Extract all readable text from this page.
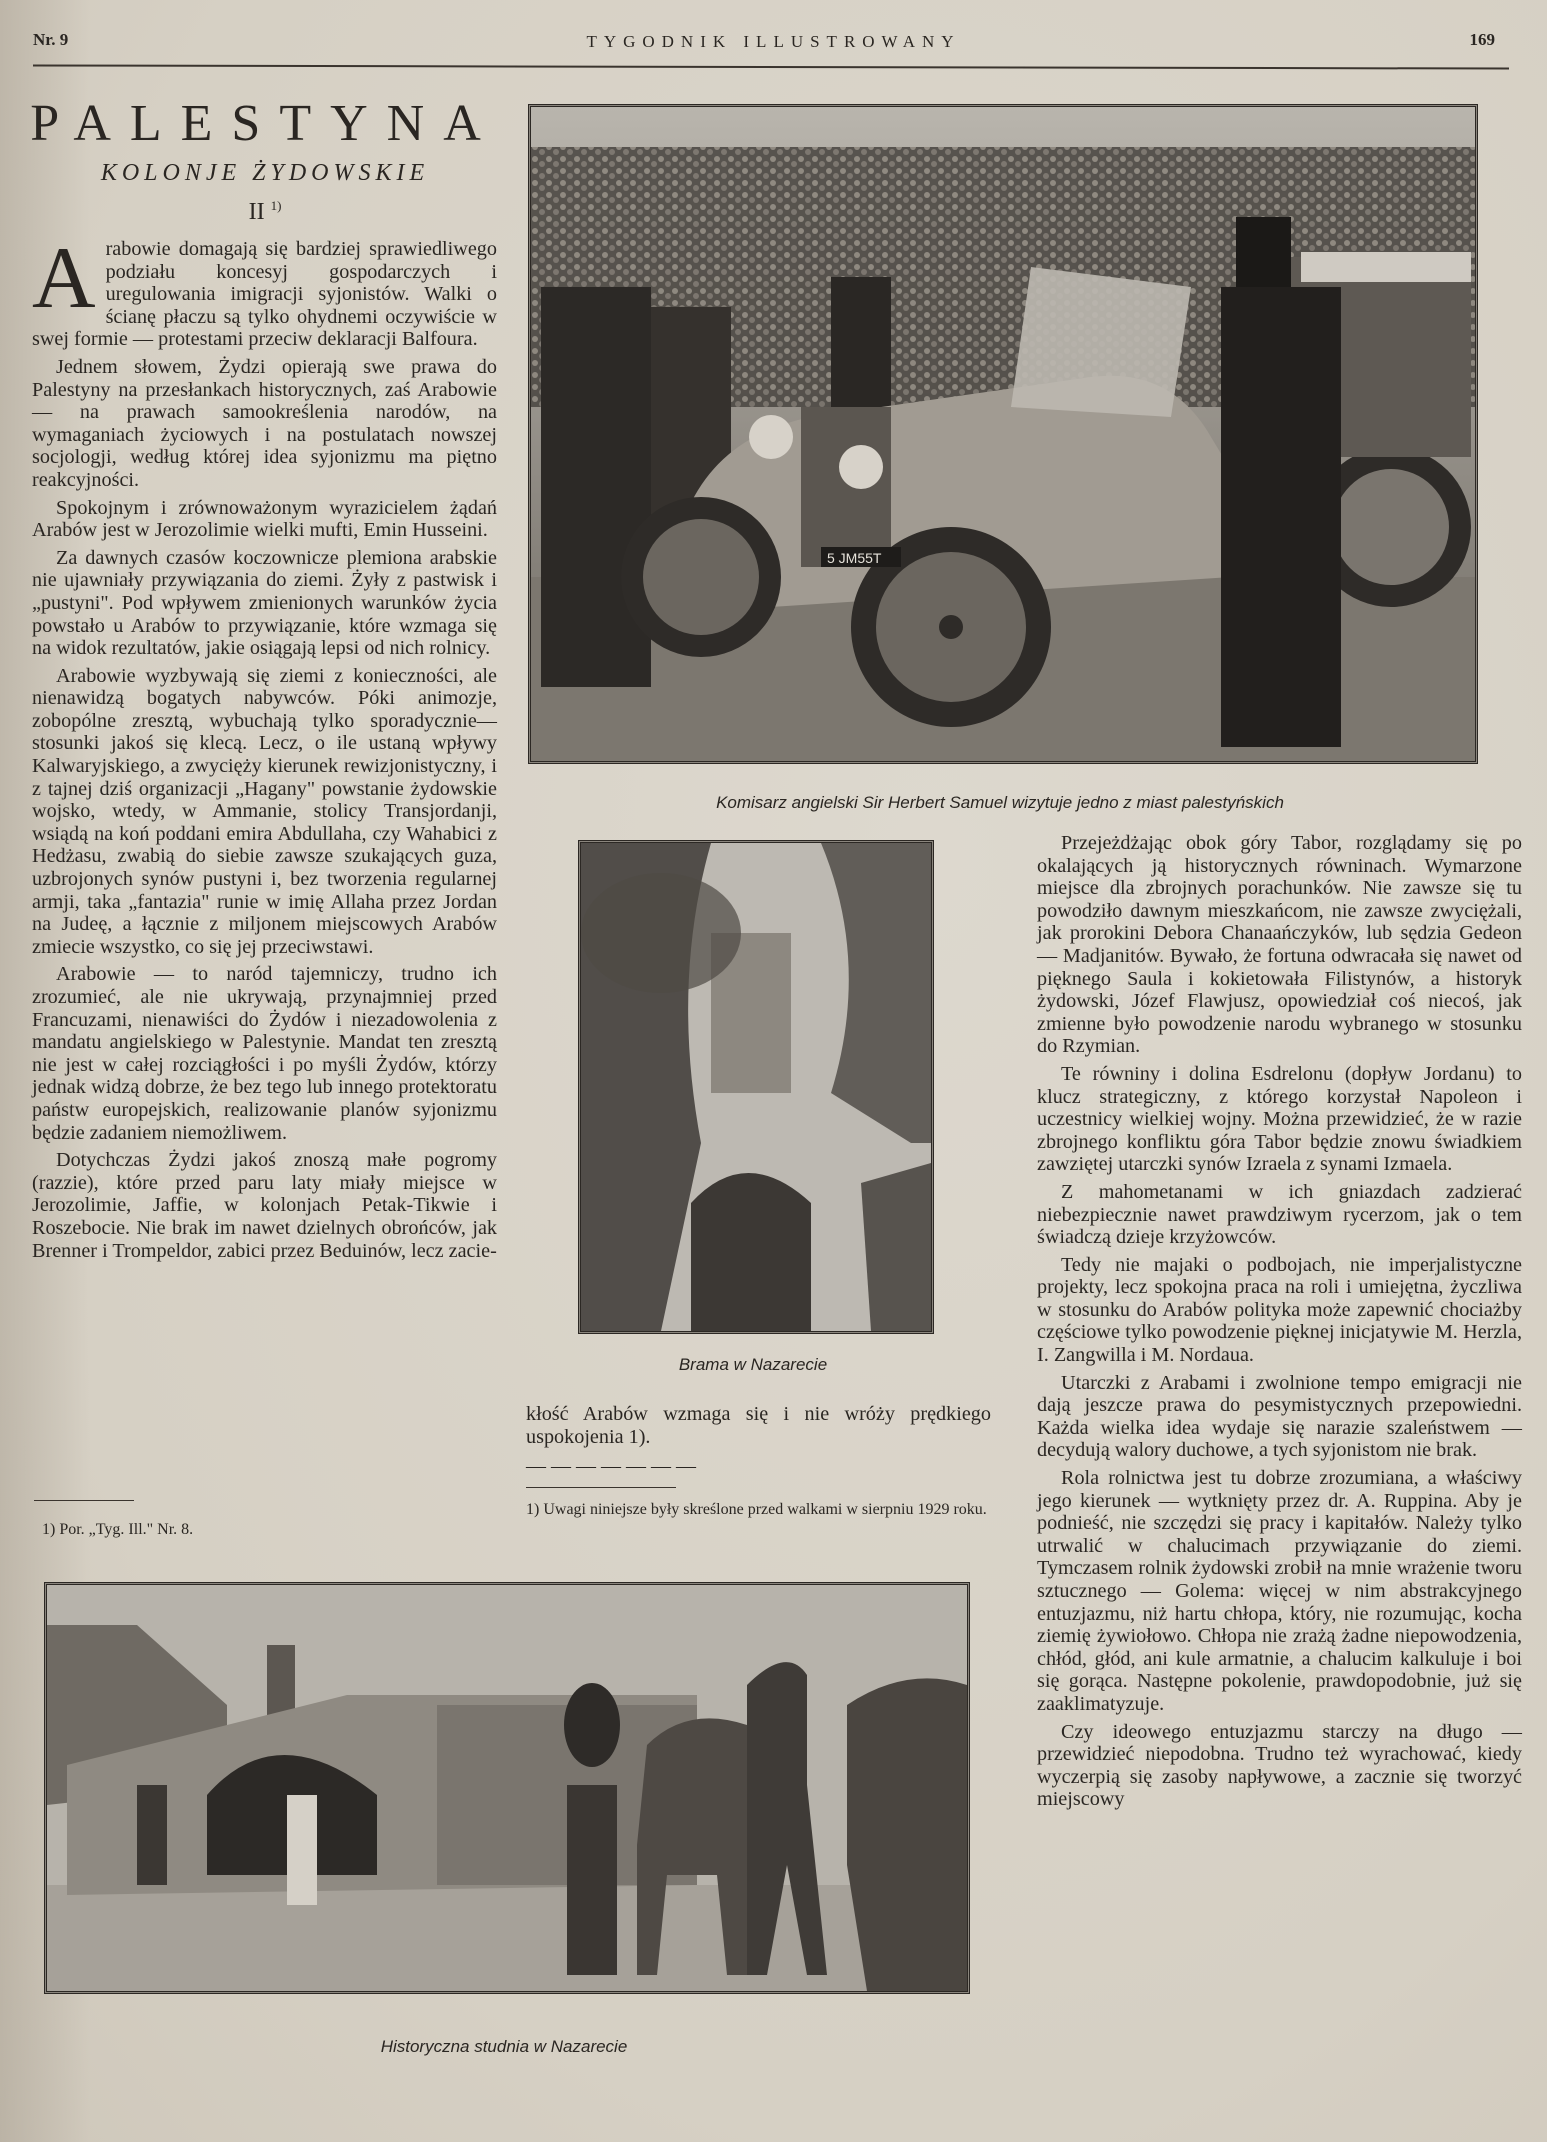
Nr. 9	TYGODNIK ILLUSTROWANY	169
PALESTYNA
KOLONJE ŻYDOWSKIE
II $^{1)}$

Arabowie domagają się bardziej sprawiedliwego podziału koncesyj gospodarczych i uregulowania imigracji syjonistów. Walki o ścianę płaczu są tylko ohydnemi oczywiście w swej formie — protestami przeciw deklaracji Balfoura.

Jednem słowem, Żydzi opierają swe prawa do Palestyny na przesłankach historycznych, zaś Arabowie — na prawach samookreślenia narodów, na wymaganiach życiowych i na postulatach nowszej socjologji, według której idea syjonizmu ma piętno reakcyjności.

Spokojnym i zrównoważonym wyrazicielem żądań Arabów jest w Jerozolimie wielki mufti, Emin Husseini.

Za dawnych czasów koczownicze plemiona arabskie nie ujawniały przywiązania do ziemi. Żyły z pastwisk i „pustyni". Pod wpływem zmienionych warunków życia powstało u Arabów to przywiązanie, które wzmaga się na widok rezultatów, jakie osiągają lepsi od nich rolnicy.

Arabowie wyzbywają się ziemi z konieczności, ale nienawidzą bogatych nabywców. Póki animozje, zobopólne zresztą, wybuchają tylko sporadycznie—stosunki jakoś się klecą. Lecz, o ile ustaną wpływy Kalwaryjskiego, a zwycięży kierunek rewizjonistyczny, i z tajnej dziś organizacji „Hagany" powstanie żydowskie wojsko, wtedy, w Ammanie, stolicy Transjordanji, wsiądą na koń poddani emira Abdullaha, czy Wahabici z Hedżasu, zwabią do siebie zawsze szukających guza, uzbrojonych synów pustyni i, bez tworzenia regularnej armji, taka „fantazia" runie w imię Allaha przez Jordan na Judeę, a łącznie z miljonem miejscowych Arabów zmiecie wszystko, co się jej przeciwstawi.

Arabowie — to naród tajemniczy, trudno ich zrozumieć, ale nie ukrywają, przynajmniej przed Francuzami, nienawiści do Żydów i niezadowolenia z mandatu angielskiego w Palestynie. Mandat ten zresztą nie jest w całej rozciągłości i po myśli Żydów, którzy jednak widzą dobrze, że bez tego lub innego protektoratu państw europejskich, realizowanie planów syjonizmu będzie zadaniem niemożliwem.

Dotychczas Żydzi jakoś znoszą małe pogromy (razzie), które przed paru laty miały miejsce w Jerozolimie, Jaffie, w kolonjach Petak-Tikwie i Roszebocie. Nie brak im nawet dzielnych obrońców, jak Brenner i Trompeldor, zabici przez Beduinów, lecz zacie-

1) Por. „Tyg. Ill." Nr. 8.
5 JM55T
Komisarz angielski Sir Herbert Samuel wizytuje jedno z miast palestyńskich
Brama w Nazarecie

kłość Arabów wzmaga się i nie wróży prędkiego uspokojenia 1).

— — — — — — —
1) Uwagi niniejsze były skreślone przed walkami w sierpniu 1929 roku.

Przejeżdżając obok góry Tabor, rozglądamy się po okalających ją historycznych równinach. Wymarzone miejsce dla zbrojnych porachunków. Nie zawsze się tu powodziło dawnym mieszkańcom, nie zawsze zwyciężali, jak prorokini Debora Chanaańczyków, lub sędzia Gedeon — Madjanitów. Bywało, że fortuna odwracała się nawet od pięknego Saula i kokietowała Filistynów, a historyk żydowski, Józef Flawjusz, opowiedział coś niecoś, jak zmienne było powodzenie narodu wybranego w stosunku do Rzymian.

Te równiny i dolina Esdrelonu (dopływ Jordanu) to klucz strategiczny, z którego korzystał Napoleon i uczestnicy wielkiej wojny. Można przewidzieć, że w razie zbrojnego konfliktu góra Tabor będzie znowu świadkiem zawziętej utarczki synów Izraela z synami Izmaela.

Z mahometanami w ich gniazdach zadzierać niebezpiecznie nawet prawdziwym rycerzom, jak o tem świadczą dzieje krzyżowców.

Tedy nie majaki o podbojach, nie imperjalistyczne projekty, lecz spokojna praca na roli i umiejętna, życzliwa w stosunku do Arabów polityka może zapewnić chociażby częściowe tylko powodzenie pięknej inicjatywie M. Herzla, I. Zangwilla i M. Nordaua.

Utarczki z Arabami i zwolnione tempo emigracji nie dają jeszcze prawa do pesymistycznych przepowiedni. Każda wielka idea wydaje się narazie szaleństwem — decydują walory duchowe, a tych syjonistom nie brak.

Rola rolnictwa jest tu dobrze zrozumiana, a właściwy jego kierunek — wytknięty przez dr. A. Ruppina. Aby je podnieść, nie szczędzi się pracy i kapitałów. Należy tylko utrwalić w chalucimach przywiązanie do ziemi. Tymczasem rolnik żydowski zrobił na mnie wrażenie tworu sztucznego — Golema: więcej w nim abstrakcyjnego entuzjazmu, niż hartu chłopa, który, nie rozumując, kocha ziemię żywiołowo. Chłopa nie zrażą żadne niepowodzenia, chłód, głód, ani kule armatnie, a chalucim kalkuluje i boi się gorąca. Następne pokolenie, prawdopodobnie, już się zaaklimatyzuje.

Czy ideowego entuzjazmu starczy na długo — przewidzieć niepodobna. Trudno też wyrachować, kiedy wyczerpią się zasoby napływowe, a zacznie się tworzyć miejscowy

Historyczna studnia w Nazarecie
